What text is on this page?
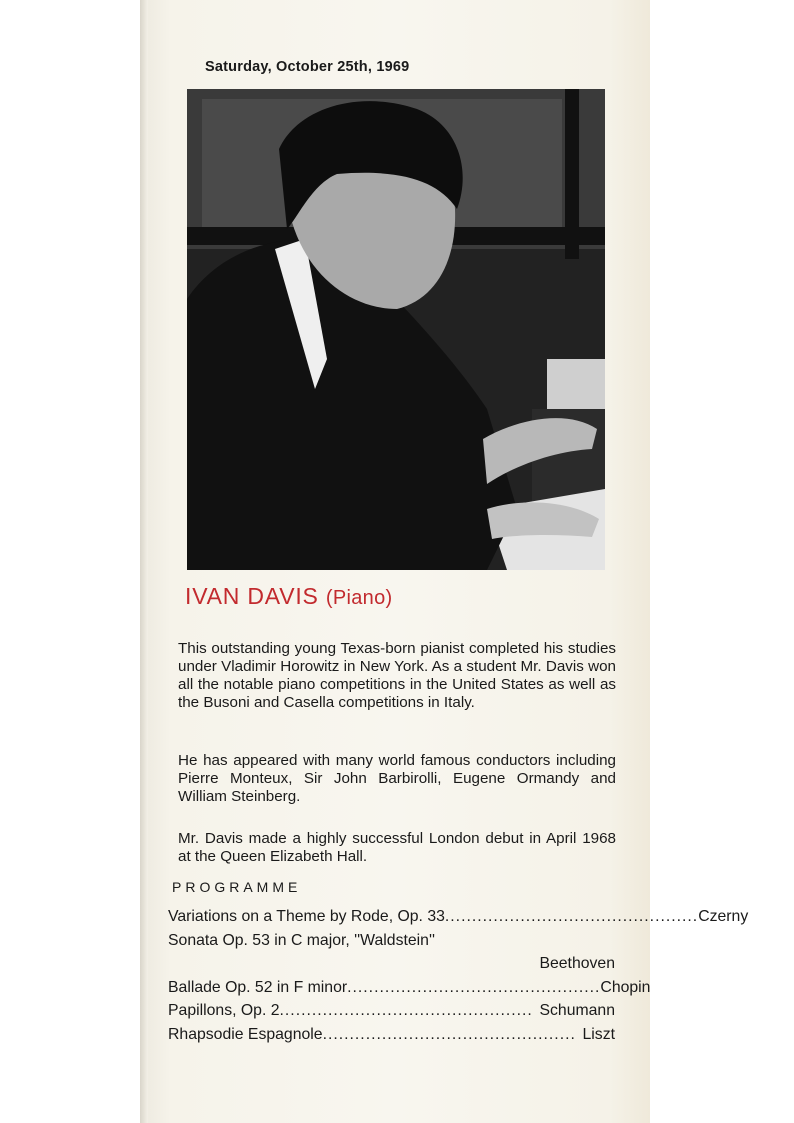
Saturday, October 25th, 1969
IVAN DAVIS (Piano)

This outstanding young Texas-born pianist completed his studies under Vladimir Horowitz in New York. As a student Mr. Davis won all the notable piano competitions in the United States as well as the Busoni and Casella competitions in Italy.

He has appeared with many world famous conductors including Pierre Monteux, Sir John Barbirolli, Eugene Ormandy and William Steinberg.

Mr. Davis made a highly successful London debut in April 1968 at the Queen Elizabeth Hall.

PROGRAMME
Variations on a Theme by Rode, Op. 33 ............................................... Czerny
Sonata Op. 53 in C major, ''Waldstein''
Beethoven
Ballade Op. 52 in F minor ............................................... Chopin
Papillons, Op. 2 ............................................... Schumann
Rhapsodie Espagnole ............................................... Liszt
